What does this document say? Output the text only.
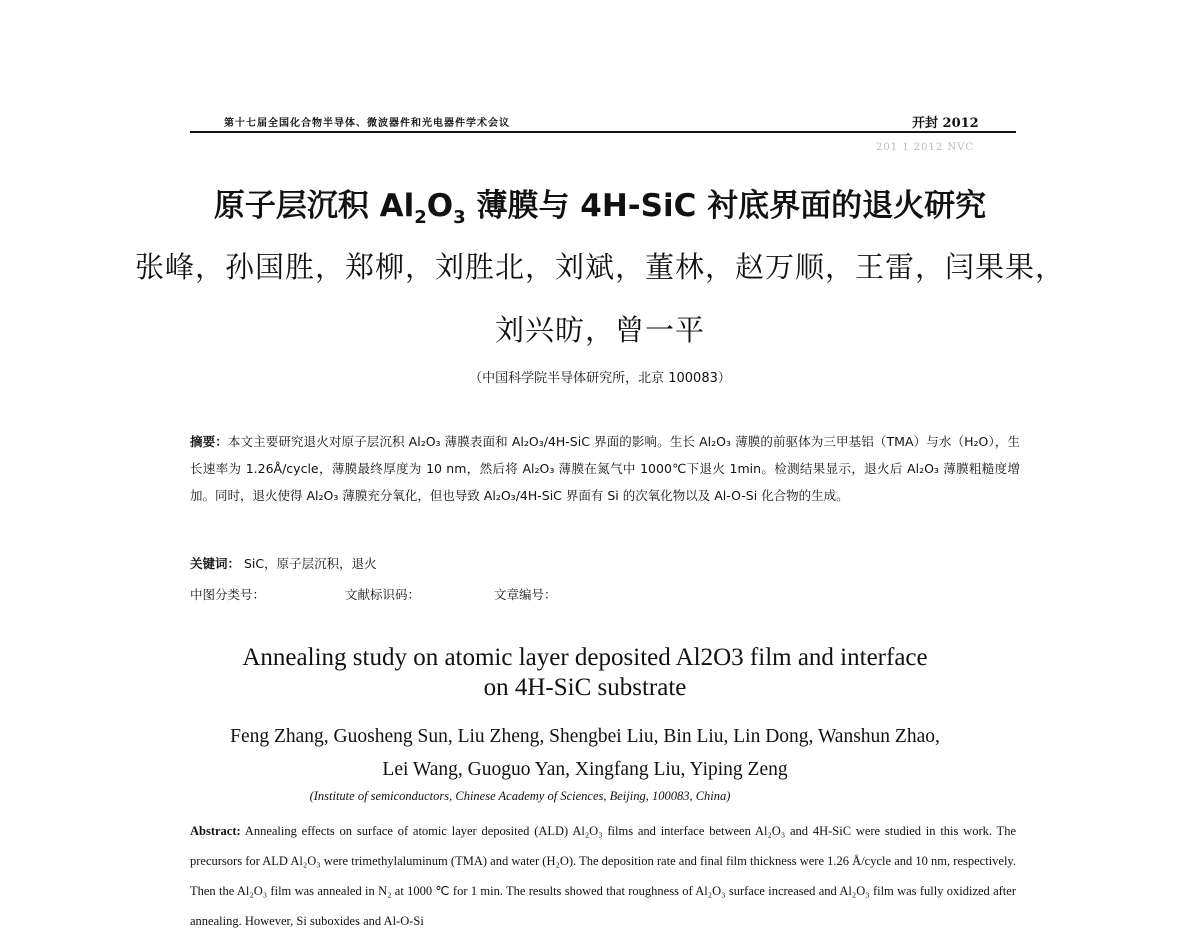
第十七届全国化合物半导体、微波器件和光电器件学术会议	开封 2012
201 1 2012 NVC
原子层沉积 $Al_2O_3$ 薄膜与 4H-SiC 衬底界面的退火研究
张峰，孙国胜，郑柳，刘胜北，刘斌，董林，赵万顺，王雷，闫果果，
刘兴昉，曾一平
（中国科学院半导体研究所，北京 100083）
摘要：本文主要研究退火对原子层沉积 Al₂O₃ 薄膜表面和 Al₂O₃/4H-SiC 界面的影响。生长 Al₂O₃ 薄膜的前驱体为三甲基铝（TMA）与水（H₂O），生长速率为 1.26Å/cycle，薄膜最终厚度为 10 nm，然后将 Al₂O₃ 薄膜在氮气中 1000℃下退火 1min。检测结果显示，退火后 Al₂O₃ 薄膜粗糙度增加。同时，退火使得 Al₂O₃ 薄膜充分氧化，但也导致 Al₂O₃/4H-SiC 界面有 Si 的次氧化物以及 Al-O-Si 化合物的生成。
关键词： SiC，原子层沉积，退火
中图分类号：	文献标识码：	文章编号：
Annealing study on atomic layer deposited Al2O3 film and interface
on 4H-SiC substrate
Feng Zhang, Guosheng Sun, Liu Zheng, Shengbei Liu, Bin Liu, Lin Dong, Wanshun Zhao,
Lei Wang, Guoguo Yan, Xingfang Liu, Yiping Zeng
(Institute of semiconductors, Chinese Academy of Sciences, Beijing, 100083, China)
Abstract: Annealing effects on surface of atomic layer deposited (ALD) Al₂O₃ films and interface between Al₂O₃ and 4H-SiC were studied in this work. The precursors for ALD Al₂O₃ were trimethylaluminum (TMA) and water (H₂O). The deposition rate and final film thickness were 1.26 Å/cycle and 10 nm, respectively. Then the Al₂O₃ film was annealed in N₂ at 1000 ℃ for 1 min. The results showed that roughness of Al₂O₃ surface increased and Al₂O₃ film was fully oxidized after annealing. However, Si suboxides and Al-O-Si
